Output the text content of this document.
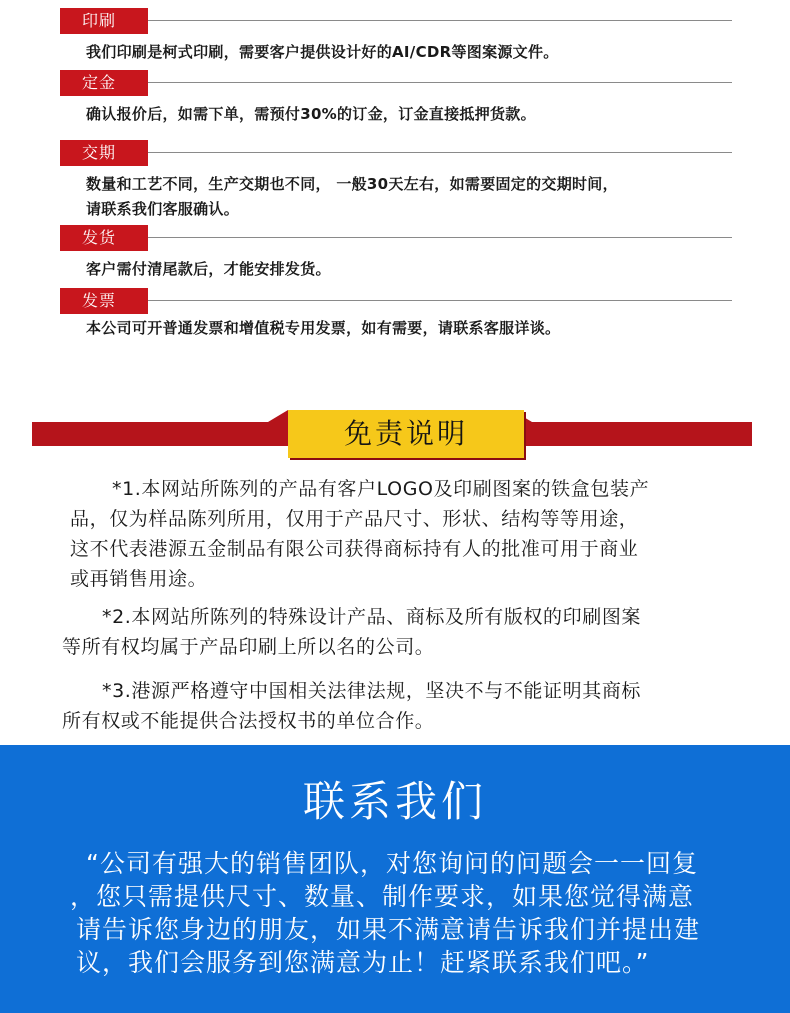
印刷
我们印刷是柯式印刷，需要客户提供设计好的AI/CDR等图案源文件。
定金
确认报价后，如需下单，需预付30%的订金，订金直接抵押货款。
交期
数量和工艺不同，生产交期也不同， 一般30天左右，如需要固定的交期时间，
请联系我们客服确认。
发货
客户需付清尾款后，才能安排发货。
发票
本公司可开普通发票和增值税专用发票，如有需要，请联系客服详谈。
免责说明
*1.本网站所陈列的产品有客户LOGO及印刷图案的铁盒包装产
品，仅为样品陈列所用，仅用于产品尺寸、形状、结构等等用途，
这不代表港源五金制品有限公司获得商标持有人的批准可用于商业
或再销售用途。
*2.本网站所陈列的特殊设计产品、商标及所有版权的印刷图案
等所有权均属于产品印刷上所以名的公司。
*3.港源严格遵守中国相关法律法规，坚决不与不能证明其商标
所有权或不能提供合法授权书的单位合作。
联系我们
“公司有强大的销售团队，对您询问的问题会一一回复
，您只需提供尺寸、数量、制作要求，如果您觉得满意
请告诉您身边的朋友，如果不满意请告诉我们并提出建
议，我们会服务到您满意为止！赶紧联系我们吧。”
